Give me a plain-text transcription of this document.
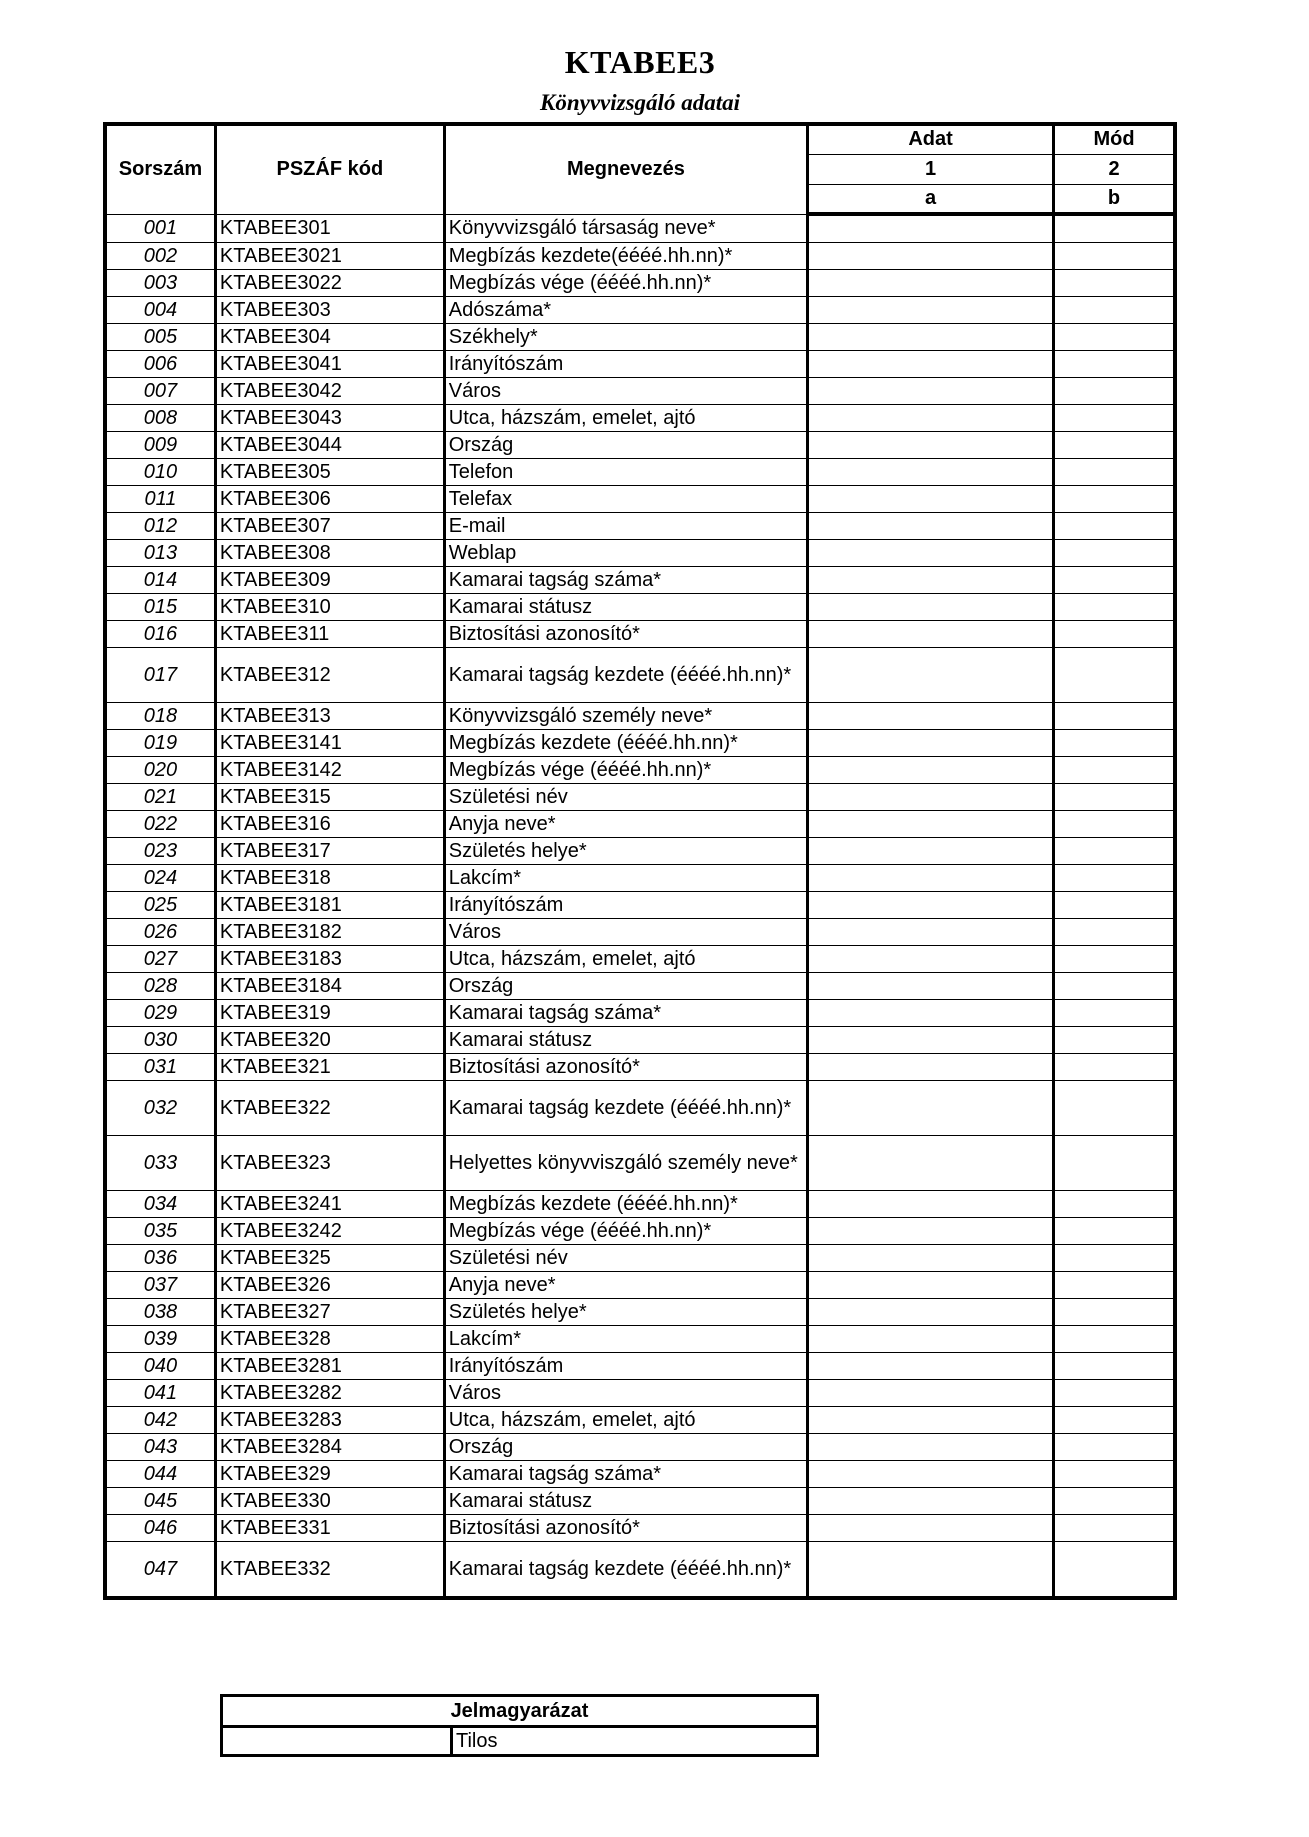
KTABEE3
Könyvvizsgáló adatai
Sorszám	PSZÁF kód	Megnevezés	Adat	Mód
			1	2
			a	b
001	KTABEE301	Könyvvizsgáló társaság neve*		
002	KTABEE3021	Megbízás kezdete(éééé.hh.nn)*		
003	KTABEE3022	Megbízás vége (éééé.hh.nn)*		
004	KTABEE303	Adószáma*		
005	KTABEE304	Székhely*		
006	KTABEE3041	Irányítószám		
007	KTABEE3042	Város		
008	KTABEE3043	Utca, házszám, emelet, ajtó		
009	KTABEE3044	Ország		
010	KTABEE305	Telefon		
011	KTABEE306	Telefax		
012	KTABEE307	E-mail		
013	KTABEE308	Weblap		
014	KTABEE309	Kamarai tagság száma*		
015	KTABEE310	Kamarai státusz		
016	KTABEE311	Biztosítási azonosító*		
017	KTABEE312	Kamarai tagság kezdete (éééé.hh.nn)*		
018	KTABEE313	Könyvvizsgáló személy neve*		
019	KTABEE3141	Megbízás kezdete (éééé.hh.nn)*		
020	KTABEE3142	Megbízás vége (éééé.hh.nn)*		
021	KTABEE315	Születési név		
022	KTABEE316	Anyja neve*		
023	KTABEE317	Születés helye*		
024	KTABEE318	Lakcím*		
025	KTABEE3181	Irányítószám		
026	KTABEE3182	Város		
027	KTABEE3183	Utca, házszám, emelet, ajtó		
028	KTABEE3184	Ország		
029	KTABEE319	Kamarai tagság száma*		
030	KTABEE320	Kamarai státusz		
031	KTABEE321	Biztosítási azonosító*		
032	KTABEE322	Kamarai tagság kezdete (éééé.hh.nn)*		
033	KTABEE323	Helyettes könyvviszgáló személy neve*		
034	KTABEE3241	Megbízás kezdete (éééé.hh.nn)*		
035	KTABEE3242	Megbízás vége (éééé.hh.nn)*		
036	KTABEE325	Születési név		
037	KTABEE326	Anyja neve*		
038	KTABEE327	Születés helye*		
039	KTABEE328	Lakcím*		
040	KTABEE3281	Irányítószám		
041	KTABEE3282	Város		
042	KTABEE3283	Utca, házszám, emelet, ajtó		
043	KTABEE3284	Ország		
044	KTABEE329	Kamarai tagság száma*		
045	KTABEE330	Kamarai státusz		
046	KTABEE331	Biztosítási azonosító*		
047	KTABEE332	Kamarai tagság kezdete (éééé.hh.nn)*		
Jelmagyarázat
	Tilos
